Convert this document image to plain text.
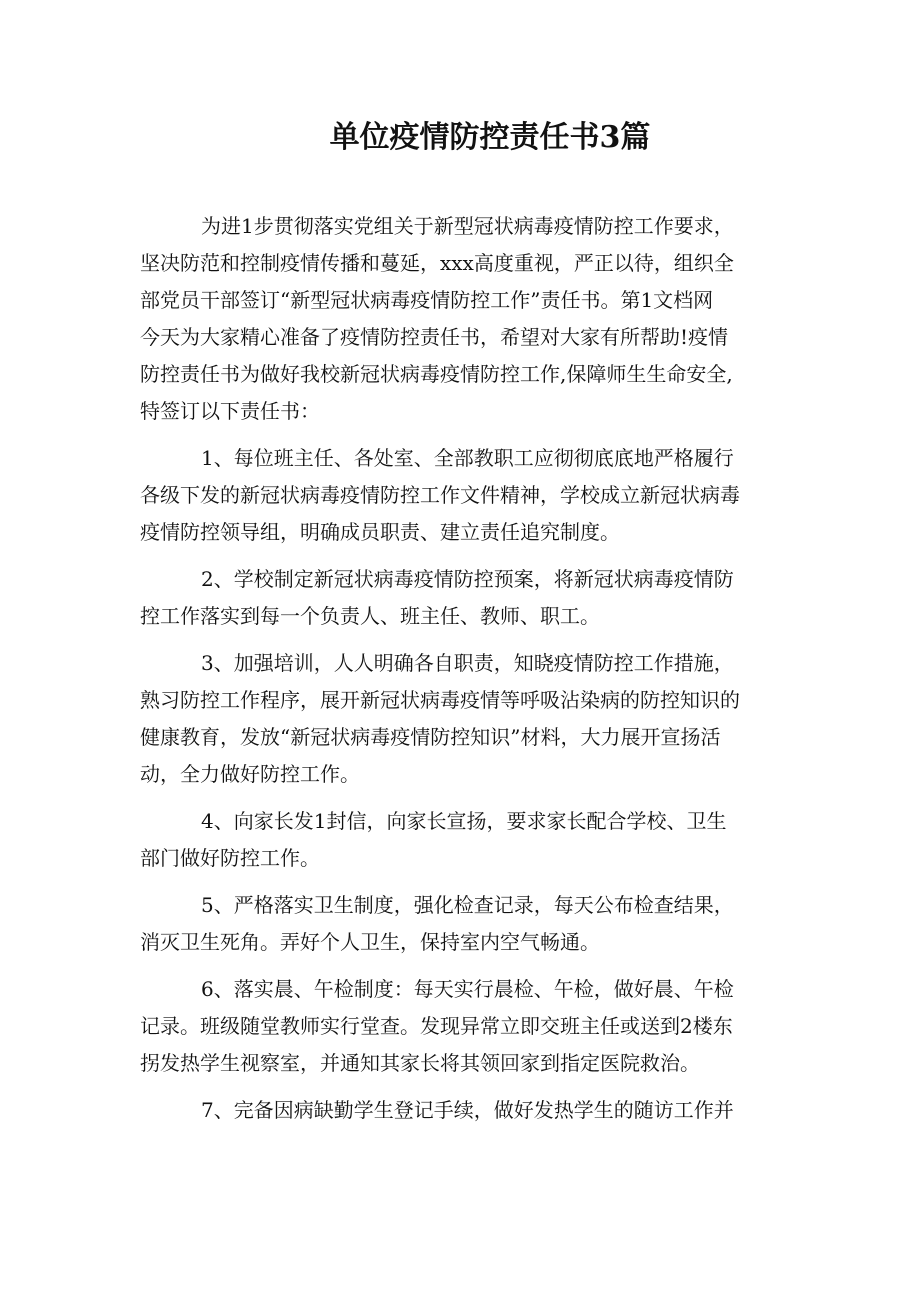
单位疫情防控责任书3篇
为进1步贯彻落实党组关于新型冠状病毒疫情防控工作要求，
坚决防范和控制疫情传播和蔓延，xxx高度重视，严正以待，组织全
部党员干部签订“新型冠状病毒疫情防控工作”责任书。第1文档网
今天为大家精心准备了疫情防控责任书，希望对大家有所帮助!疫情
防控责任书为做好我校新冠状病毒疫情防控工作,保障师生生命安全,
特签订以下责任书：
1、每位班主任、各处室、全部教职工应彻彻底底地严格履行
各级下发的新冠状病毒疫情防控工作文件精神，学校成立新冠状病毒
疫情防控领导组，明确成员职责、建立责任追究制度。
2、学校制定新冠状病毒疫情防控预案，将新冠状病毒疫情防
控工作落实到每一个负责人、班主任、教师、职工。
3、加强培训，人人明确各自职责，知晓疫情防控工作措施，
熟习防控工作程序，展开新冠状病毒疫情等呼吸沾染病的防控知识的
健康教育，发放“新冠状病毒疫情防控知识”材料，大力展开宣扬活
动，全力做好防控工作。
4、向家长发1封信，向家长宣扬，要求家长配合学校、卫生
部门做好防控工作。
5、严格落实卫生制度，强化检查记录，每天公布检查结果，
消灭卫生死角。弄好个人卫生，保持室内空气畅通。
6、落实晨、午检制度：每天实行晨检、午检，做好晨、午检
记录。班级随堂教师实行堂查。发现异常立即交班主任或送到2楼东
拐发热学生视察室，并通知其家长将其领回家到指定医院救治。
7、完备因病缺勤学生登记手续，做好发热学生的随访工作并
